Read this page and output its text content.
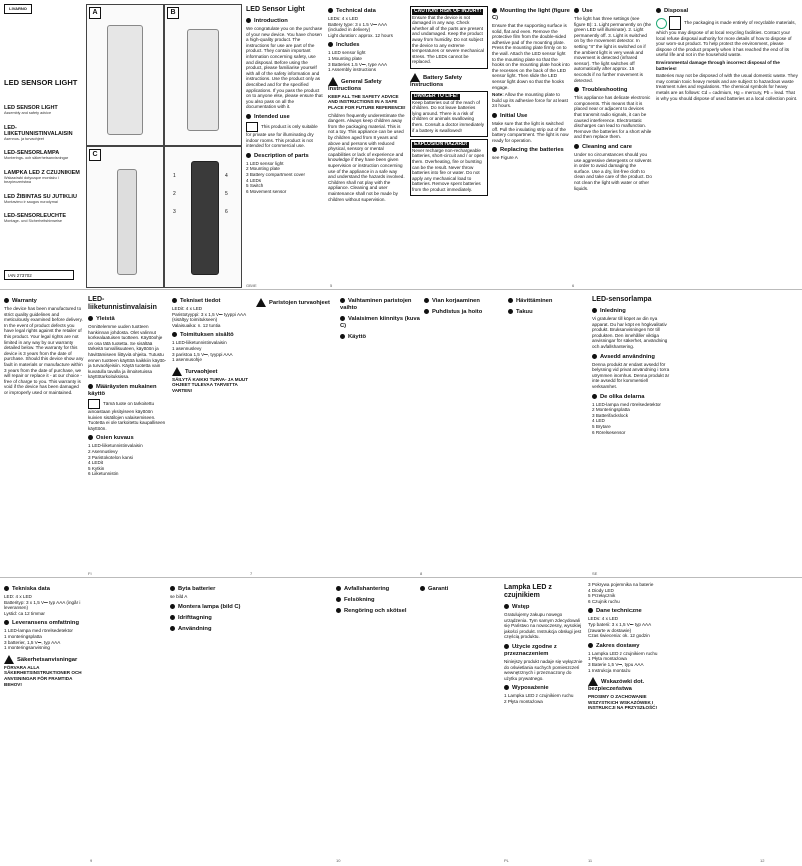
LIVARNO
LED SENSOR LIGHT
LED SENSOR LIGHT
Assembly and safety advice
LED-LIIKETUNNISTINVALAISIN
Asennus- ja turvaohjeet
LED-SENSORLAMPA
Monterings- och säkerhetsanvisningar
LAMPKA LED Z CZUJNIKIEM
Wskazówki dotyczące montażu i bezpieczeństwa
LED ŽIBINTAS SU JUTIKLIU
Montavimo ir saugos nurodymai
LED-SENSORLEUCHTE
Montage- und Sicherheitshinweise
IAN 273702
A	B
C
1
2
3
4
5
6
LED Sensor Light
Introduction

We congratulate you on the purchase of your new device. You have chosen a high-quality product. The instructions for use are part of the product. They contain important information concerning safety, use and disposal. Before using the product, please familiarise yourself with all of the safety information and instructions. Use the product only as described and for the specified applications. If you pass the product on to anyone else, please ensure that you also pass on all the documentation with it.

Intended use

This product is only suitable for private use for illuminating dry indoor rooms. This product is not intended for commercial use.

Description of parts
1 LED sensor light
2 Mounting plate
3 Battery compartment cover
4 LEDs
5 Switch
6 Movement sensor
Technical data
LEDs: 4 x LED
Battery type: 3 x 1.5 V⎓ AAA (included in delivery)
Light duration: approx. 12 hours
Includes
1 LED sensor light
1 Mounting plate
3 Batteries 1.5 V⎓, type AAA
1 Assembly instructions
General Safety Instructions

KEEP ALL THE SAFETY ADVICE AND INSTRUCTIONS IN A SAFE PLACE FOR FUTURE REFERENCE!

Children frequently underestimate the dangers. Always keep children away from the packaging material. This is not a toy. This appliance can be used by children aged from 8 years and above and persons with reduced physical, sensory or mental capabilities or lack of experience and knowledge if they have been given supervision or instruction concerning use of the appliance in a safe way and understand the hazards involved. Children shall not play with the appliance. Cleaning and user maintenance shall not be made by children without supervision.

CAUTION! RISK OF INJURY!

Ensure that the device is not damaged in any way. Check whether all of the parts are present and undamaged. Keep the product away from humidity. Do not subject the device to any extreme temperatures or severe mechanical stress. The LEDs cannot be replaced.

Battery Safety Instructions
DANGER TO LIFE!

Keep batteries out of the reach of children. Do not leave batteries lying around. There is a risk of children or animals swallowing them. Consult a doctor immediately if a battery is swallowed!

EXPLOSION HAZARD!

Never recharge non-rechargeable batteries, short-circuit and / or open them. Overheating, fire or bursting can be the result. Never throw batteries into fire or water. Do not apply any mechanical load to batteries. Remove spent batteries from the product immediately.

Mounting the light (figure C)

Ensure that the supporting surface is solid, flat and even. Remove the protective film from the double-sided adhesive pad of the mounting plate. Press the mounting plate firmly on to the wall. Attach the LED sensor light to the mounting plate so that the hooks on the mounting plate hook into the recesses on the back of the LED sensor light. Then slide the LED sensor light down so that the hooks engage.

Note: Allow the mounting plate to build up its adhesive force for at least 24 hours.

Initial Use

Make sure that the light is switched off. Pull the insulating strip out of the battery compartment. The light is now ready for operation.

Replacing the batteries

see Figure A

Use

The light has three settings (see figure B): 1. Light permanently on (the green LED will illuminate). 2. Light permanently off. 3. Light is switched on by the movement detector. In setting "II" the light is switched on if the ambient light is very weak and movement is detected (infrared sensor). The light switches off automatically after approx. 15 seconds if no further movement is detected.

Troubleshooting

This appliance has delicate electronic components. This means that it is placed near or adjacent to devices that transmit radio signals, it can be caused interference. Electrostatic discharges can lead to malfunction. Remove the batteries for a short while and then replace them.

Cleaning and care

Under no circumstances should you use aggressive detergents or solvents in order to avoid damaging the surface. Use a dry, lint-free cloth to clean and take care of the product. Do not clean the light with water or other liquids.

Disposal

The packaging is made entirely of recyclable materials, which you may dispose of at local recycling facilities. Contact your local refuse disposal authority for more details of how to dispose of your worn-out product. To help protect the environment, please dispose of the product properly when it has reached the end of its useful life and not in the household waste.

Environmental damage through incorrect disposal of the batteries!

Batteries may not be disposed of with the usual domestic waste. They may contain toxic heavy metals and are subject to hazardous waste treatment rules and regulations. The chemical symbols for heavy metals are as follows: Cd = cadmium, Hg = mercury, Pb = lead. That is why you should dispose of used batteries at a local collection point.

Warranty

The device has been manufactured to strict quality guidelines and meticulously examined before delivery. In the event of product defects you have legal rights against the retailer of this product. Your legal rights are not limited in any way by our warranty detailed below. The warranty for this device is 3 years from the date of purchase. Should this device show any fault in materials or manufacture within 3 years from the date of purchase, we will repair or replace it - at our choice - free of charge to you. This warranty is void if the device has been damaged or improperly used or maintained.

LED-liiketunnistinvalaisin
Yleistä

Onnittelemme uuden tuotteen hankinnan johdosta. Olet valinnut korkealaatuisen tuotteen. Käyttöohje on osa tätä tuotetta. Se sisältää tärkeitä turvallisuuteen, käyttöön ja hävittämiseen liittyviä ohjeita. Tutustu ennen tuotteen käyttöä kaikkiin käyttö- ja turvaohjeisiin. Käytä tuotetta vain kuvatulla tavalla ja ilmoitetuissa käyttötarkoituksissa.

Määräysten mukainen käyttö

Tämä tuote on tarkoitettu ainoastaan yksityiseen käyttöön kuivien sisätilojen valaisemiseen. Tuotetta ei ole tarkoitettu kaupalliseen käyttöön.

Osien kuvaus
1 LED-liiketunnistinvalaisin
2 Asennuslevy
3 Paristokotelon kansi
4 LEDit
5 Kytkin
6 Liiketunnistin
Tekniset tiedot
LEDit: 4 x LED
Paristotyyppi: 3 x 1,5 V⎓ tyyppi AAA (sisältyy toimitukseen)
Valaisuaika: n. 12 tuntia
Toimituksen sisältö
1 LED-liiketunnistinvalaisin
1 asennuslevy
3 paristoa 1,5 V⎓, tyyppi AAA
1 asennusohje
Turvaohjeet

SÄILYTÄ KAIKKI TURVA- JA MUUT OHJEET TULEVAA TARVETTA VARTEN!

Paristojen turvaohjeet	Vaihtaminen paristojen vaihto
Valaisimen kiinnitys (kuva C)
Käyttö
Vian korjaaminen
Puhdistus ja hoito
Hävittäminen
Takuu
LED-sensorlampa
Inledning

Vi gratulerar till köpet av din nya apparat. Du har köpt en högkvalitativ produkt. Bruksanvisningen hör till produkten. Den innehåller viktiga anvisningar för säkerhet, användning och avfallshantering.

Avsedd användning

Denna produkt är endast avsedd för belysning vid privat användning i torra utrymmen inomhus. Denna produkt är inte avsedd för kommersiell verksamhet.

De olika delarna
1 LED-lampa med rörelsedetektor
2 Monteringsplatta
3 Batterifackslock
4 LED
5 Brytare
6 Rörelsesensor
Tekniska data
LED: 4 x LED
Batterityp: 3 x 1,5 V⎓ typ AAA (ingår i leveransen)
Lystid: ca 12 timmar
Leveransens omfattning
1 LED-lampa med rörelsedetektor
1 monteringsplatta
3 batterier, 1,5 V⎓, typ AAA
1 monteringsanvisning
Säkerhetsanvisningar

FÖRVARA ALLA SÄKERHETSINSTRUKTIONER OCH ANVISNINGAR FÖR FRAMTIDA BEHOV!

Byta batterier

se bild A

Montera lampa (bild C)
Idrifttagning
Användning
Avfallshantering
Felsökning
Rengöring och skötsel
Garanti	Lampka LED z czujnikiem
Wstęp

Gratulujemy zakupu nowego urządzenia. Tym samym zdecydowali się Państwo na nowoczesny, wysokiej jakości produkt. Instrukcja obsługi jest częścią produktu.

Użycie zgodne z przeznaczeniem

Niniejszy produkt nadaje się wyłącznie do oświetlania suchych pomieszczeń wewnętrznych i przeznaczony do użytku prywatnego.

Wyposażenie
1 Lampka LED z czujnikiem ruchu
2 Płyta montażowa
3 Pokrywa pojemnika na baterie
4 Diody LED
5 Przełącznik
6 Czujnik ruchu
Dane techniczne
LEDs: 4 x LED
Typ baterii: 3 x 1,5 V⎓ typ AAA (zawarte w dostawie)
Czas świecenia: ok. 12 godzin
Zakres dostawy
1 Lampka LED z czujnikiem ruchu
1 Płyta montażowa
3 Baterie 1,5 V⎓, typu AAA
1 Instrukcja montażu
Wskazówki dot. bezpieczeństwa

PROSIMY O ZACHOWANIE WSZYSTKICH WSKAZÓWEK I INSTRUKCJI NA PRZYSZŁOŚĆ!

GB/IE	5	6
FI	7	8	SE
9	10	PL	11	12
